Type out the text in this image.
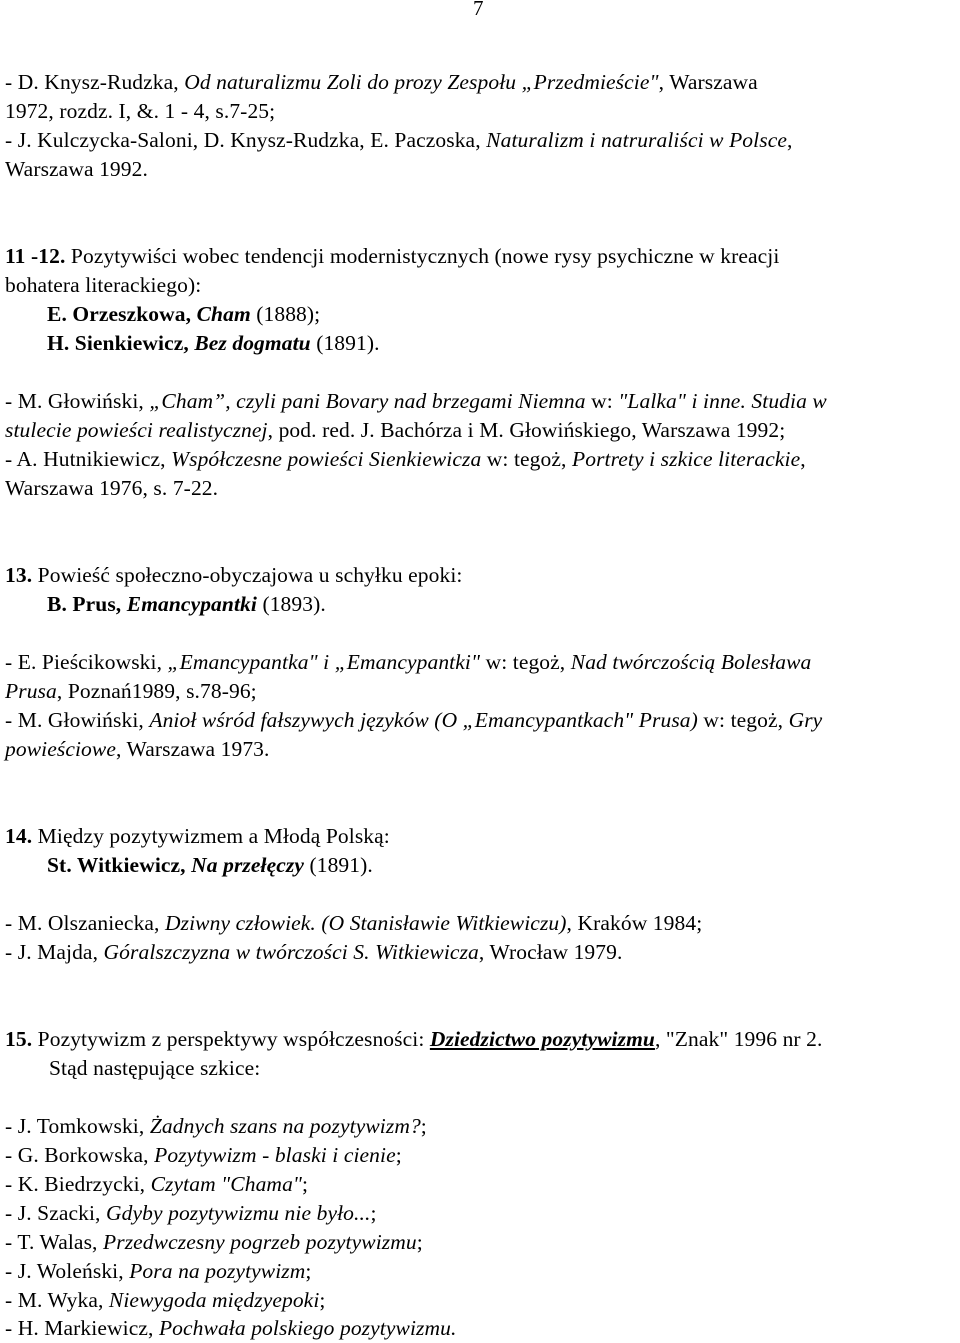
7
- D. Knysz-Rudzka, Od naturalizmu Zoli do prozy Zespołu „Przedmieście", Warszawa
1972, rozdz. I, &. 1 - 4, s.7-25;
- J. Kulczycka-Saloni, D. Knysz-Rudzka, E. Paczoska, Naturalizm i natruraliści w Polsce,
Warszawa 1992.
11 -12. Pozytywiści wobec tendencji modernistycznych (nowe rysy psychiczne w kreacji
bohatera literackiego):
E. Orzeszkowa, Cham (1888);
H. Sienkiewicz, Bez dogmatu (1891).
- M. Głowiński, „Cham”, czyli pani Bovary nad brzegami Niemna w: "Lalka" i inne. Studia w
stulecie powieści realistycznej, pod. red. J. Bachórza i M. Głowińskiego, Warszawa 1992;
- A. Hutnikiewicz, Współczesne powieści Sienkiewicza w: tegoż, Portrety i szkice literackie,
Warszawa 1976, s. 7-22.
13. Powieść społeczno-obyczajowa u schyłku epoki:
B. Prus, Emancypantki (1893).
- E. Pieścikowski, „Emancypantka" i „Emancypantki" w: tegoż, Nad twórczością Bolesława
Prusa, Poznań1989, s.78-96;
- M. Głowiński, Anioł wśród fałszywych języków (O „Emancypantkach" Prusa) w: tegoż, Gry
powieściowe, Warszawa 1973.
14. Między pozytywizmem a Młodą Polską:
St. Witkiewicz, Na przełęczy (1891).
- M. Olszaniecka, Dziwny człowiek. (O Stanisławie Witkiewiczu), Kraków 1984;
- J. Majda, Góralszczyzna w twórczości S. Witkiewicza, Wrocław 1979.
15. Pozytywizm z perspektywy współczesności: Dziedzictwo pozytywizmu, "Znak" 1996 nr 2.
Stąd następujące szkice:
- J. Tomkowski, Żadnych szans na pozytywizm?;
- G. Borkowska, Pozytywizm - blaski i cienie;
- K. Biedrzycki, Czytam "Chama";
- J. Szacki, Gdyby pozytywizmu nie było...;
- T. Walas, Przedwczesny pogrzeb pozytywizmu;
- J. Woleński, Pora na pozytywizm;
- M. Wyka, Niewygoda międzyepoki;
- H. Markiewicz, Pochwała polskiego pozytywizmu.
